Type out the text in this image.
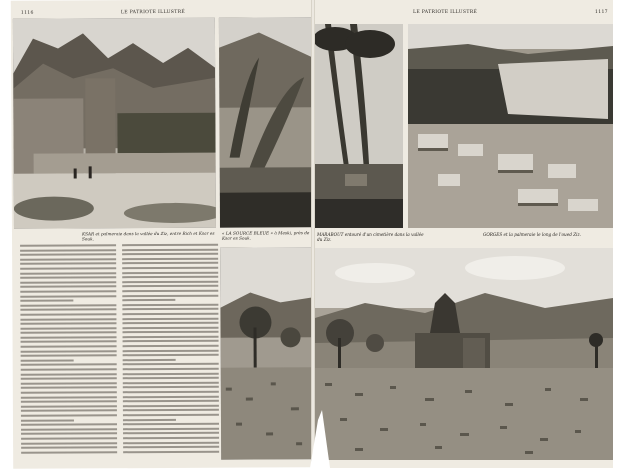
1116	LE PATRIOTE ILLUSTRÉ
KSAR et palmeraie dans la vallée du Ziz, entre Rich et Ksar es Souk.
« LA SOURCE BLEUE » à Meski, près de Ksar es Souk.
LE PATRIOTE ILLUSTRÉ	1117
MARABOUT entouré d'un cimetière dans la vallée du Ziz.
GORGES et la palmeraie le long de l'oued Ziz.
